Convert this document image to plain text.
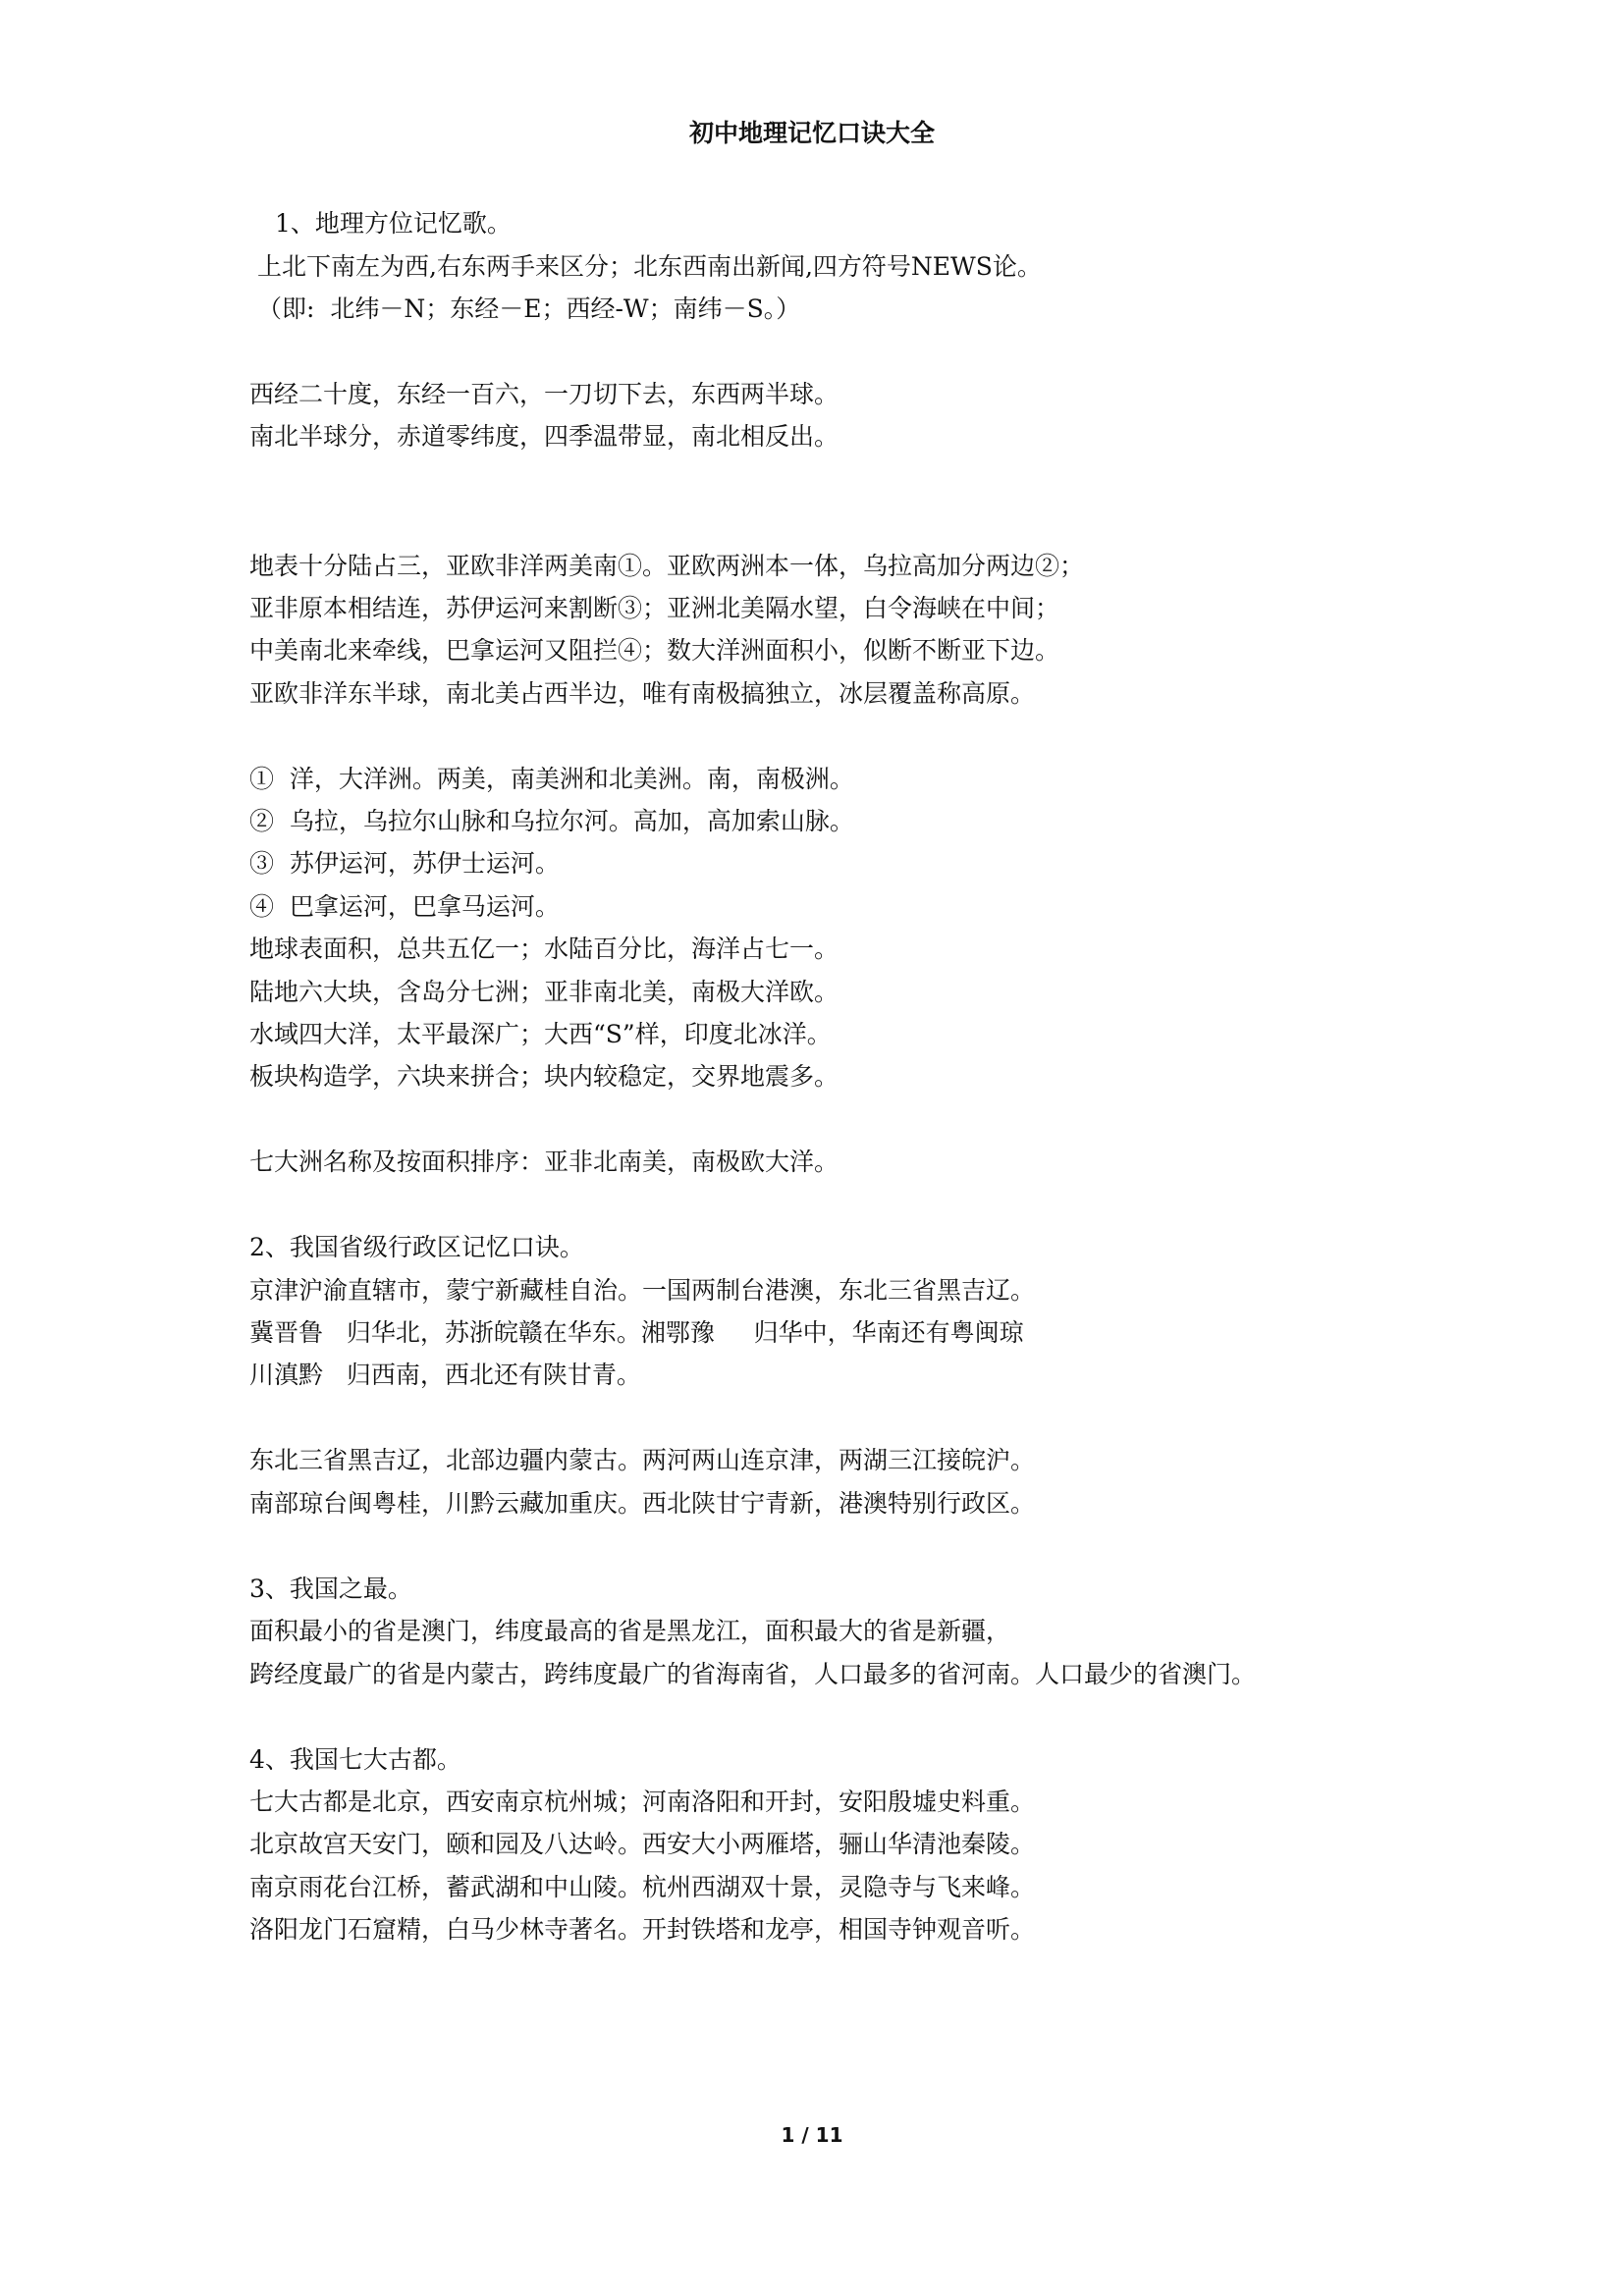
初中地理记忆口诀大全

1、地理方位记忆歌。

上北下南左为西,右东两手来区分；北东西南出新闻,四方符号NEWS论。

（即:  北纬－N；东经－E；西经-W；南纬－S。）

西经二十度，东经一百六，一刀切下去，东西两半球。

南北半球分，赤道零纬度，四季温带显，南北相反出。

地表十分陆占三，亚欧非洋两美南①。亚欧两洲本一体，乌拉高加分两边②；

亚非原本相结连，苏伊运河来割断③；亚洲北美隔水望，白令海峡在中间；

中美南北来牵线，巴拿运河又阻拦④；数大洋洲面积小，似断不断亚下边。

亚欧非洋东半球，南北美占西半边，唯有南极搞独立，冰层覆盖称高原。

①  洋，大洋洲。两美，南美洲和北美洲。南，南极洲。

②  乌拉，乌拉尔山脉和乌拉尔河。高加，高加索山脉。

③  苏伊运河，苏伊士运河。

④  巴拿运河，巴拿马运河。

地球表面积，总共五亿一；水陆百分比，海洋占七一。

陆地六大块，含岛分七洲；亚非南北美，南极大洋欧。

水域四大洋，太平最深广；大西“S”样，印度北冰洋。

板块构造学，六块来拼合；块内较稳定，交界地震多。

七大洲名称及按面积排序：亚非北南美，南极欧大洋。

2、我国省级行政区记忆口诀。

京津沪渝直辖市，蒙宁新藏桂自治。一国两制台港澳，东北三省黑吉辽。

冀晋鲁   归华北，苏浙皖赣在华东。湘鄂豫     归华中，华南还有粤闽琼

川滇黔   归西南，西北还有陕甘青。

东北三省黑吉辽，北部边疆内蒙古。两河两山连京津，两湖三江接皖沪。

南部琼台闽粤桂，川黔云藏加重庆。西北陕甘宁青新，港澳特别行政区。

3、我国之最。

面积最小的省是澳门，纬度最高的省是黑龙江，面积最大的省是新疆，

跨经度最广的省是内蒙古，跨纬度最广的省海南省，人口最多的省河南。人口最少的省澳门。

4、我国七大古都。

七大古都是北京，西安南京杭州城；河南洛阳和开封，安阳殷墟史料重。

北京故宫天安门，颐和园及八达岭。西安大小两雁塔，骊山华清池秦陵。

南京雨花台江桥，蓄武湖和中山陵。杭州西湖双十景，灵隐寺与飞来峰。

洛阳龙门石窟精，白马少林寺著名。开封铁塔和龙亭，相国寺钟观音听。

1 / 11
